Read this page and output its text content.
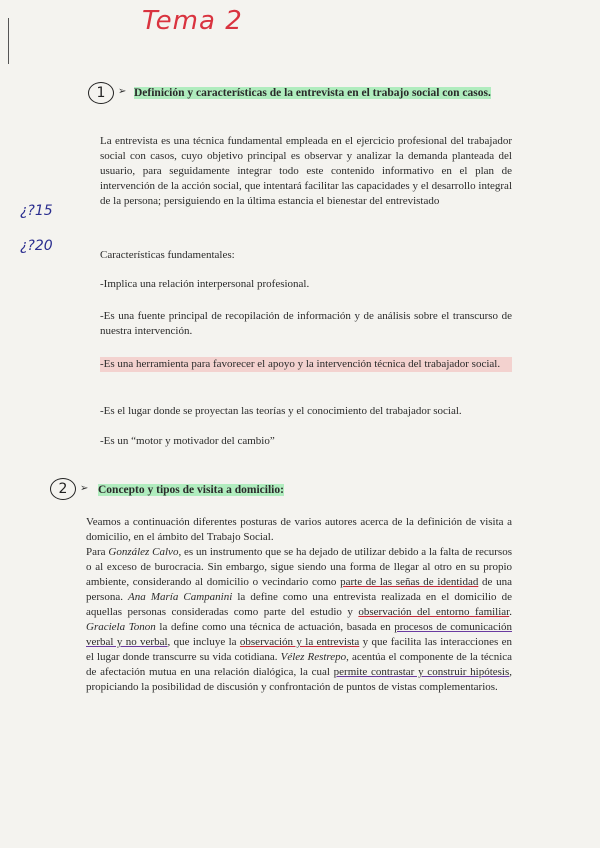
Tema 2
¿?15
¿?20
1	➢ Definición y características de la entrevista en el trabajo social con casos.

La entrevista es una técnica fundamental empleada en el ejercicio profesional del trabajador social con casos, cuyo objetivo principal es observar y analizar la demanda planteada del usuario, para seguidamente integrar todo este contenido informativo en el plan de intervención de la acción social, que intentará facilitar las capacidades y el desarrollo integral de la persona; persiguiendo en la última estancia el bienestar del entrevistado

Características fundamentales:

-Implica una relación interpersonal profesional.

-Es una fuente principal de recopilación de información y de análisis sobre el transcurso de nuestra intervención.

-Es una herramienta para favorecer el apoyo y la intervención técnica del trabajador social.

-Es el lugar donde se proyectan las teorías y el conocimiento del trabajador social.

-Es un “motor y motivador del cambio”

2	➢ Concepto y tipos de visita a domicilio:

Veamos a continuación diferentes posturas de varios autores acerca de la definición de visita a domicilio, en el ámbito del Trabajo Social.

Para González Calvo, es un instrumento que se ha dejado de utilizar debido a la falta de recursos o al exceso de burocracia. Sin embargo, sigue siendo una forma de llegar al otro en su propio ambiente, considerando al domicilio o vecindario como parte de las señas de identidad de una persona. Ana María Campanini la define como una entrevista realizada en el domicilio de aquellas personas consideradas como parte del estudio y observación del entorno familiar. Graciela Tonon la define como una técnica de actuación, basada en procesos de comunicación verbal y no verbal, que incluye la observación y la entrevista y que facilita las interacciones en el lugar donde transcurre su vida cotidiana. Vélez Restrepo, acentúa el componente de la técnica de afectación mutua en una relación dialógica, la cual permite contrastar y construir hipótesis, propiciando la posibilidad de discusión y confrontación de puntos de vistas complementarios.
